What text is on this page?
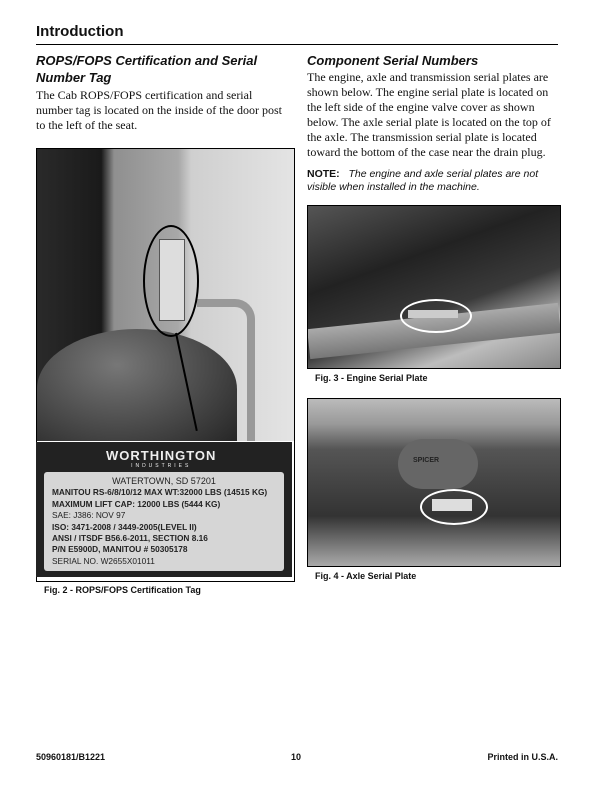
Introduction
ROPS/FOPS Certification and Serial Number Tag

The Cab ROPS/FOPS certification and serial number tag is located on the inside of the door post to the left of the seat.

WORTHINGTON
INDUSTRIES
WATERTOWN, SD 57201
MANITOU RS-6/8/10/12 MAX WT:32000 LBS (14515 KG)
MAXIMUM LIFT CAP: 12000 LBS (5444 KG)
SAE: J386: NOV 97
ISO: 3471-2008 / 3449-2005(LEVEL II)
ANSI / ITSDF B56.6-2011, SECTION 8.16
P/N E5900D, MANITOU # 50305178
SERIAL NO. W2655X01011
Fig. 2 - ROPS/FOPS Certification Tag
Component Serial Numbers

The engine, axle and transmission serial plates are shown below. The engine serial plate is located on the left side of the engine valve cover as shown below. The axle serial plate is located on the top of the axle. The transmission serial plate is located toward the bottom of the case near the drain plug.

NOTE: The engine and axle serial plates are not visible when installed in the machine.
Fig. 3 - Engine Serial Plate
SPICER
Fig. 4 - Axle Serial Plate
50960181/B1221	10	Printed in U.S.A.
